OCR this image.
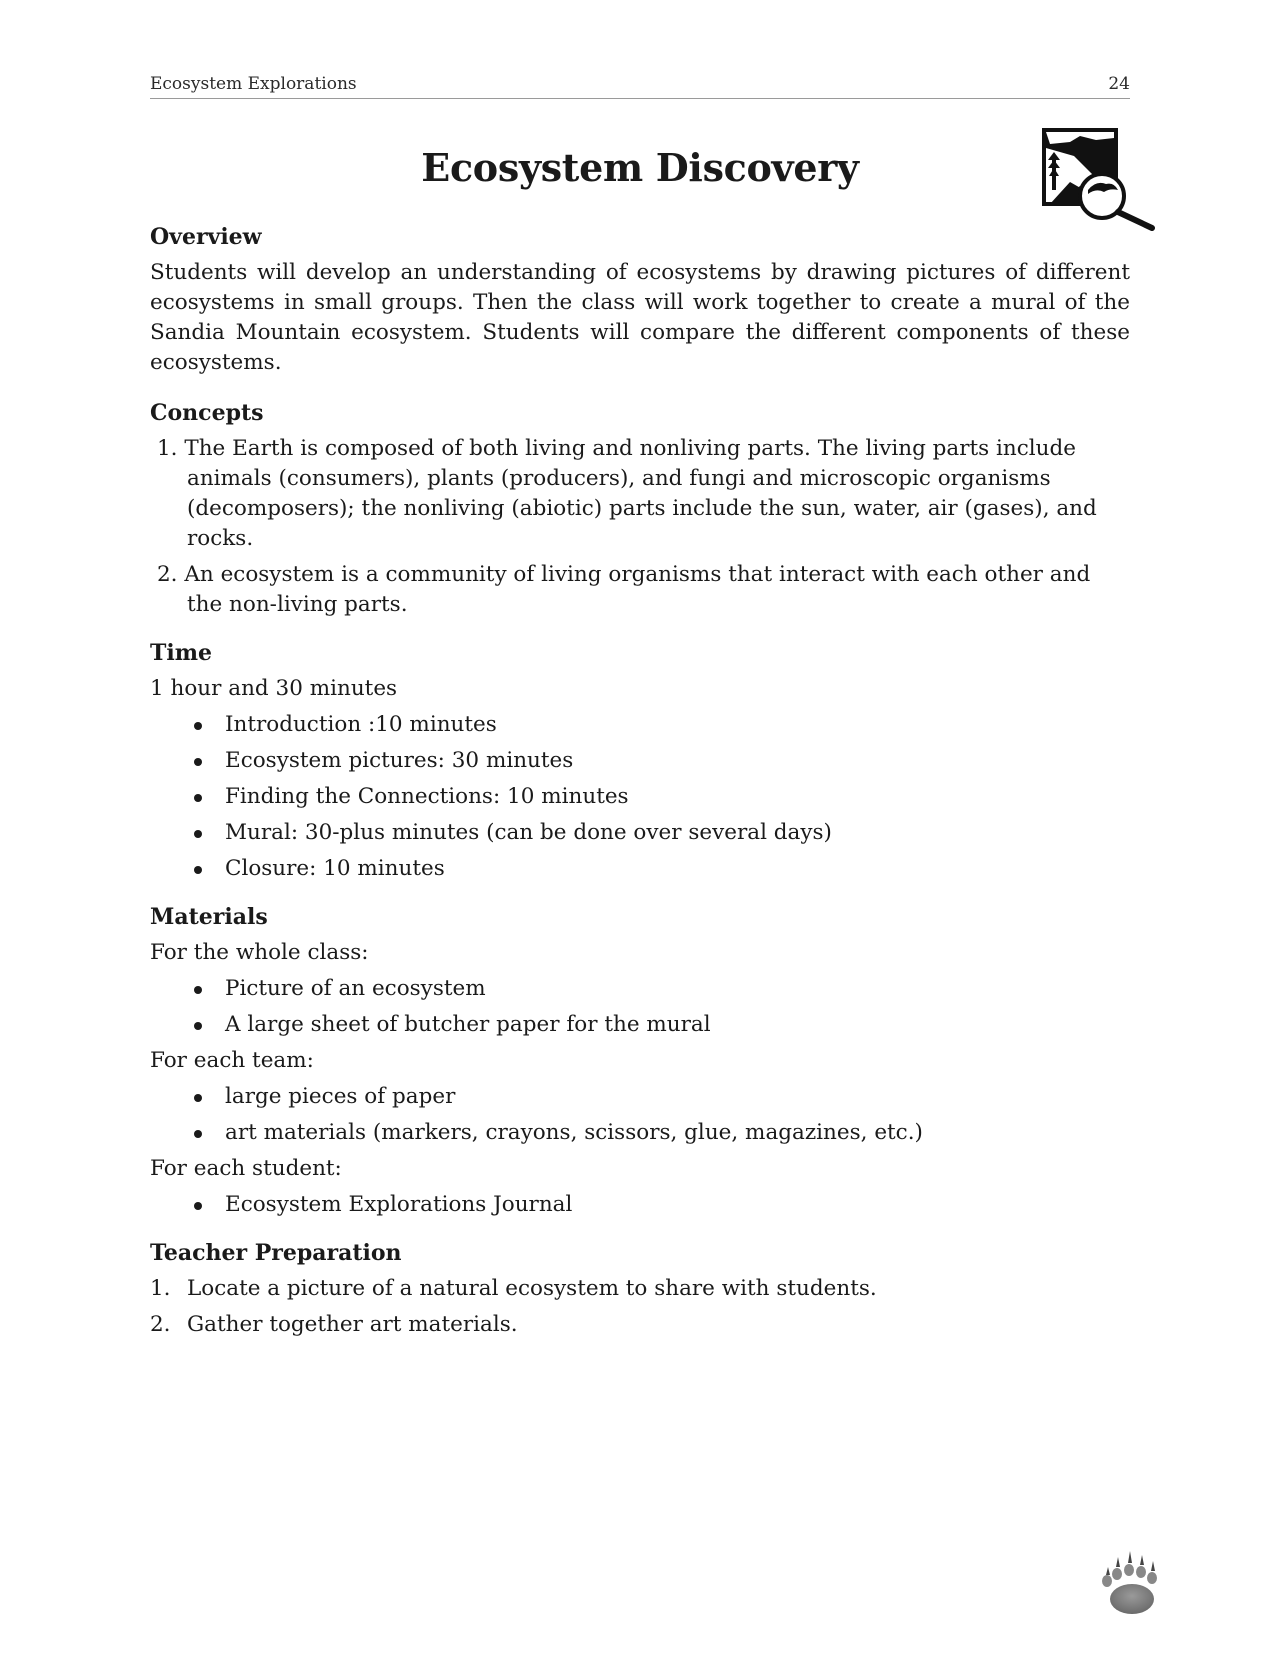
Ecosystem Explorations	24
Ecosystem Discovery
Overview

Students will develop an understanding of ecosystems by drawing pictures of different ecosystems in small groups. Then the class will work together to create a mural of the Sandia Mountain ecosystem. Students will compare the different components of these ecosystems.

Concepts
1. The Earth is composed of both living and nonliving parts. The living parts include animals (consumers), plants (producers), and fungi and microscopic organisms (decomposers); the nonliving (abiotic) parts include the sun, water, air (gases), and rocks.
2. An ecosystem is a community of living organisms that interact with each other and the non-living parts.
Time

1 hour and 30 minutes

Introduction :10 minutes
Ecosystem pictures: 30 minutes
Finding the Connections: 10 minutes
Mural: 30-plus minutes (can be done over several days)
Closure: 10 minutes
Materials

For the whole class:

Picture of an ecosystem
A large sheet of butcher paper for the mural

For each team:

large pieces of paper
art materials (markers, crayons, scissors, glue, magazines, etc.)

For each student:

Ecosystem Explorations Journal
Teacher Preparation
1. Locate a picture of a natural ecosystem to share with students.
2. Gather together art materials.
